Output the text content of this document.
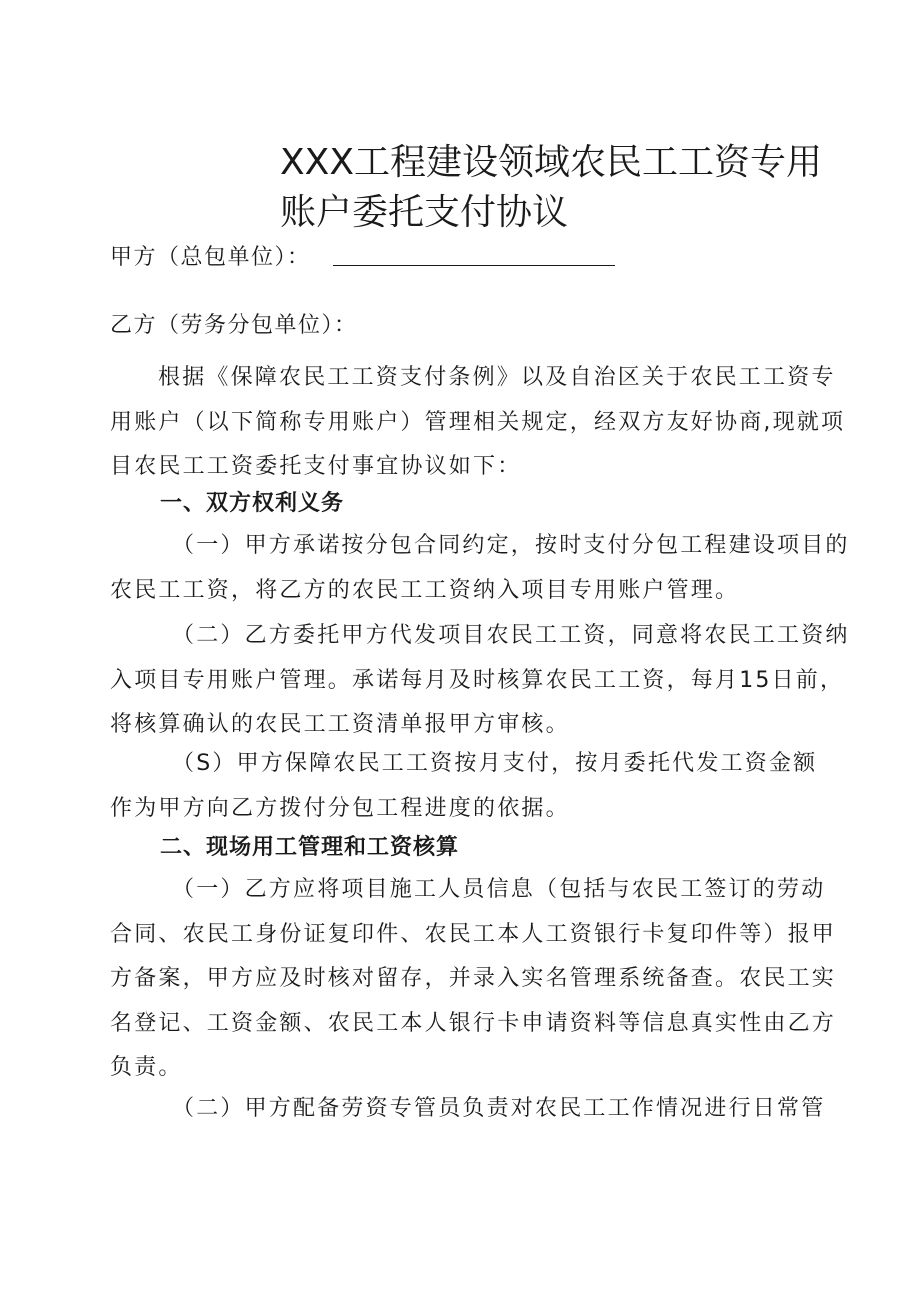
XXX工程建设领域农民工工资专用
账户委托支付协议
甲方（总包单位）：
乙方（劳务分包单位）：
根据《保障农民工工资支付条例》以及自治区关于农民工工资专
用账户（以下简称专用账户）管理相关规定，经双方友好协商,现就项
目农民工工资委托支付事宜协议如下：
一、双方权利义务
（一）甲方承诺按分包合同约定，按时支付分包工程建设项目的
农民工工资，将乙方的农民工工资纳入项目专用账户管理。
（二）乙方委托甲方代发项目农民工工资，同意将农民工工资纳
入项目专用账户管理。承诺每月及时核算农民工工资，每月15日前，
将核算确认的农民工工资清单报甲方审核。
（S）甲方保障农民工工资按月支付，按月委托代发工资金额
作为甲方向乙方拨付分包工程进度的依据。
二、现场用工管理和工资核算
（一）乙方应将项目施工人员信息（包括与农民工签订的劳动
合同、农民工身份证复印件、农民工本人工资银行卡复印件等）报甲
方备案，甲方应及时核对留存，并录入实名管理系统备查。农民工实
名登记、工资金额、农民工本人银行卡申请资料等信息真实性由乙方
负责。
（二）甲方配备劳资专管员负责对农民工工作情况进行日常管
